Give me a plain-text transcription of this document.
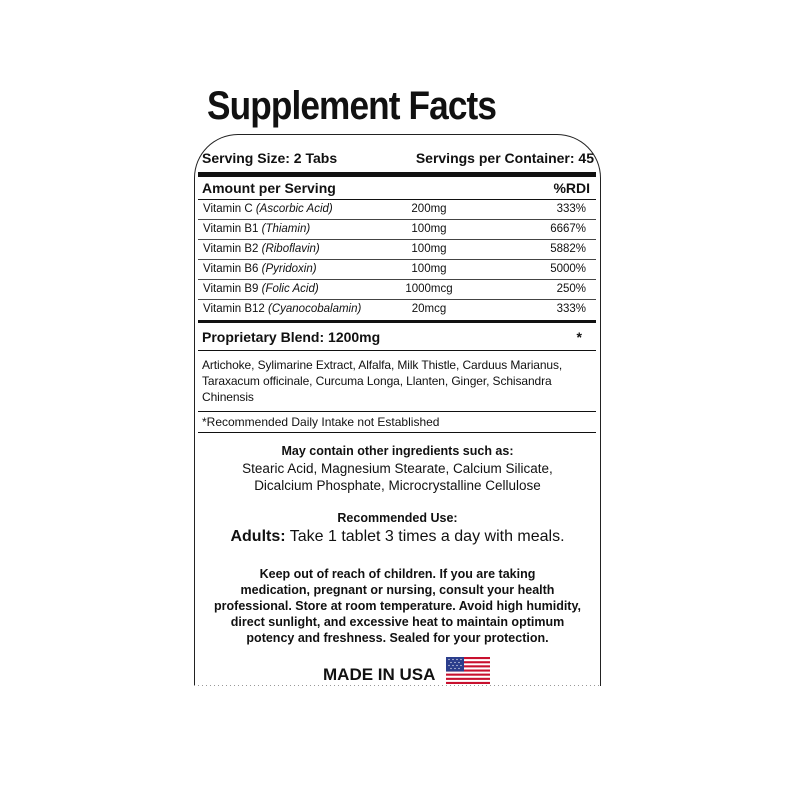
Supplement Facts
Serving Size: 2 Tabs	Servings per Container: 45
Amount per Serving	%RDI
Vitamin C (Ascorbic Acid)	200mg	333%
Vitamin B1 (Thiamin)	100mg	6667%
Vitamin B2 (Riboflavin)	100mg	5882%
Vitamin B6 (Pyridoxin)	100mg	5000%
Vitamin B9 (Folic Acid)	1000mcg	250%
Vitamin B12 (Cyanocobalamin)	20mcg	333%
Proprietary Blend: 1200mg	*
Artichoke, Sylimarine Extract, Alfalfa, Milk Thistle, Carduus Marianus, Taraxacum officinale, Curcuma Longa, Llanten, Ginger, Schisandra Chinensis
*Recommended Daily Intake not Established
May contain other ingredients such as:
Stearic Acid, Magnesium Stearate, Calcium Silicate,
Dicalcium Phosphate, Microcrystalline Cellulose
Recommended Use:
Adults: Take 1 tablet 3 times a day with meals.
Keep out of reach of children. If you are taking
medication, pregnant or nursing, consult your health
professional. Store at room temperature. Avoid high humidity,
direct sunlight, and excessive heat to maintain optimum
potency and freshness. Sealed for your protection.
MADE IN USA
